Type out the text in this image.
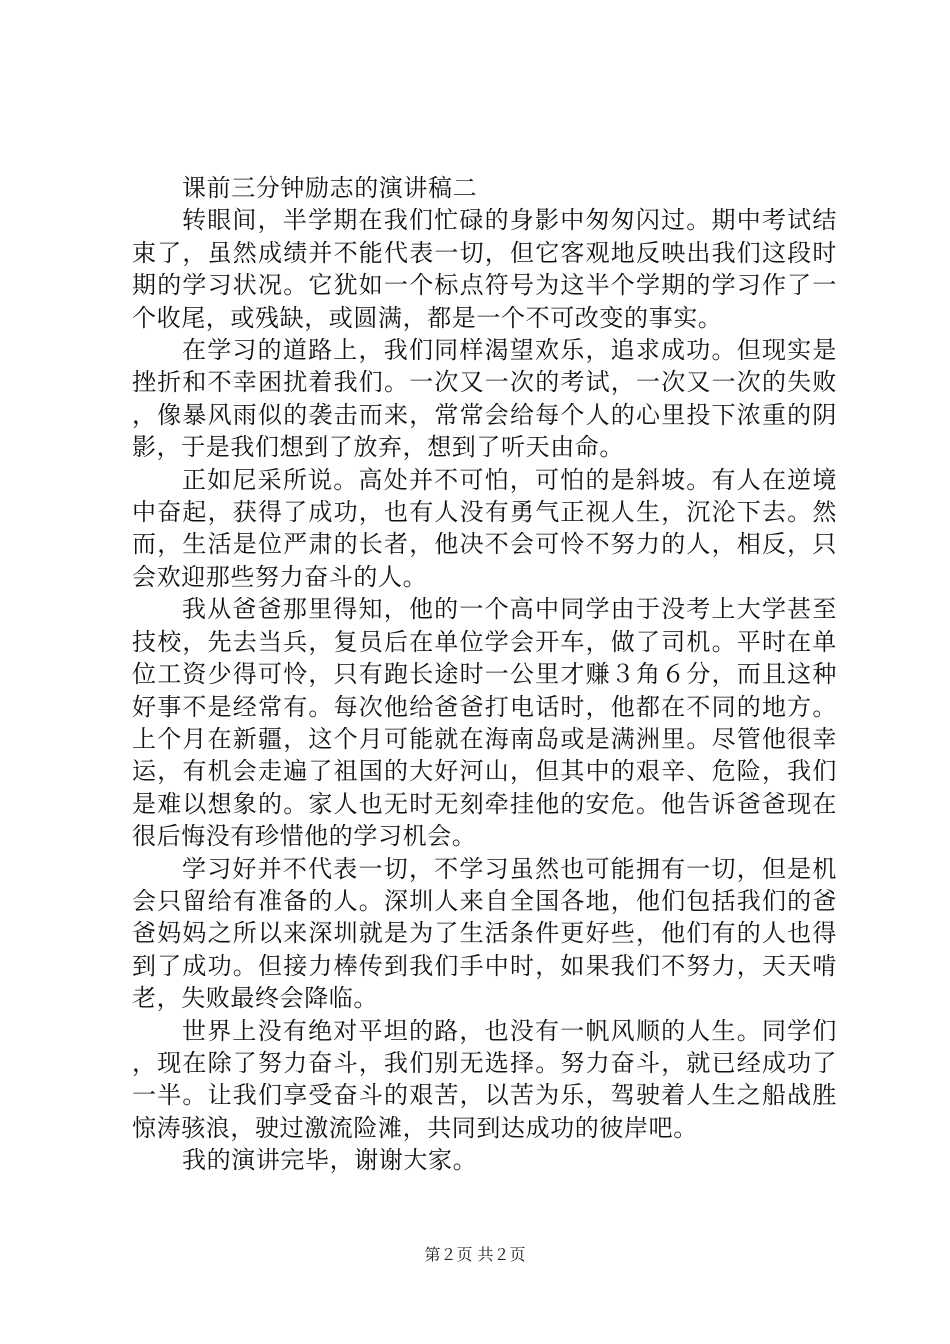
课前三分钟励志的演讲稿二

转眼间，半学期在我们忙碌的身影中匆匆闪过。期中考试结束了，虽然成绩并不能代表一切，但它客观地反映出我们这段时期的学习状况。它犹如一个标点符号为这半个学期的学习作了一个收尾，或残缺，或圆满，都是一个不可改变的事实。

在学习的道路上，我们同样渴望欢乐，追求成功。但现实是挫折和不幸困扰着我们。一次又一次的考试，一次又一次的失败，像暴风雨似的袭击而来，常常会给每个人的心里投下浓重的阴影，于是我们想到了放弃，想到了听天由命。

正如尼采所说。高处并不可怕，可怕的是斜坡。有人在逆境中奋起，获得了成功，也有人没有勇气正视人生，沉沦下去。然而，生活是位严肃的长者，他决不会可怜不努力的人，相反，只会欢迎那些努力奋斗的人。

我从爸爸那里得知，他的一个高中同学由于没考上大学甚至技校，先去当兵，复员后在单位学会开车，做了司机。平时在单位工资少得可怜，只有跑长途时一公里才赚３角６分，而且这种好事不是经常有。每次他给爸爸打电话时，他都在不同的地方。上个月在新疆，这个月可能就在海南岛或是满洲里。尽管他很幸运，有机会走遍了祖国的大好河山，但其中的艰辛、危险，我们是难以想象的。家人也无时无刻牵挂他的安危。他告诉爸爸现在很后悔没有珍惜他的学习机会。

学习好并不代表一切，不学习虽然也可能拥有一切，但是机会只留给有准备的人。深圳人来自全国各地，他们包括我们的爸爸妈妈之所以来深圳就是为了生活条件更好些，他们有的人也得到了成功。但接力棒传到我们手中时，如果我们不努力，天天啃老，失败最终会降临。

世界上没有绝对平坦的路，也没有一帆风顺的人生。同学们，现在除了努力奋斗，我们别无选择。努力奋斗，就已经成功了一半。让我们享受奋斗的艰苦，以苦为乐，驾驶着人生之船战胜惊涛骇浪，驶过激流险滩，共同到达成功的彼岸吧。

我的演讲完毕，谢谢大家。

第２页 共２页
